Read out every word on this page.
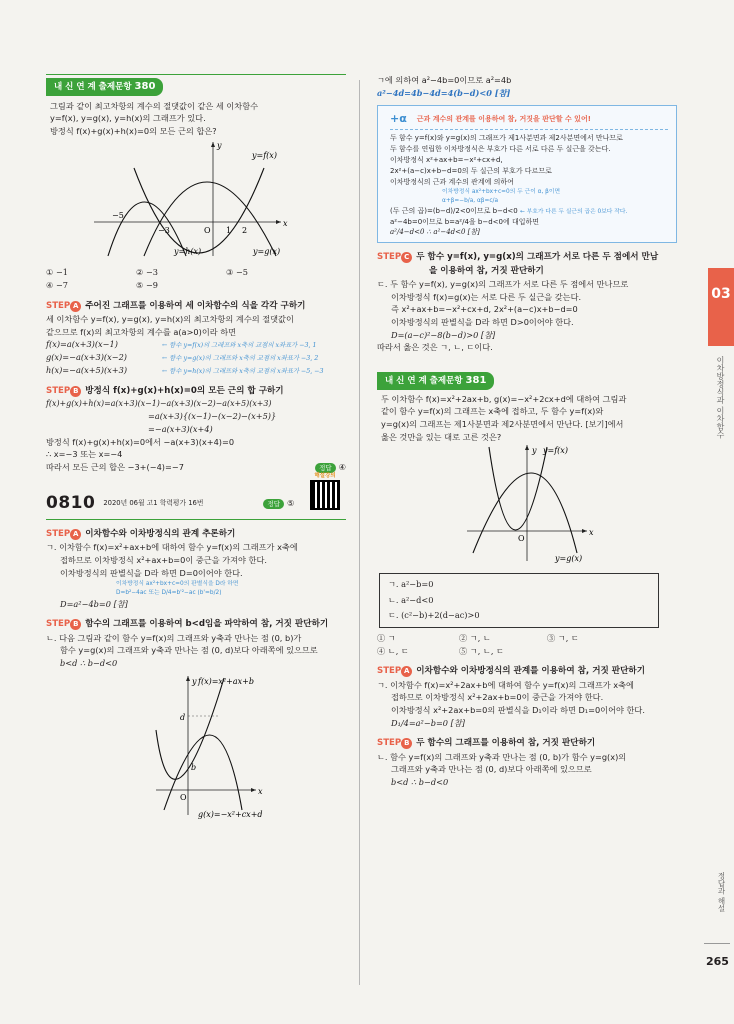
내 신 연 계 출제문항 380
그림과 같이 최고차항의 계수의 절댓값이 같은 세 이차함수
y=f(x), y=g(x), y=h(x)의 그래프가 있다.
방정식 f(x)+g(x)+h(x)=0의 모든 근의 합은?
y
x
O
−5
−3	1 2
y=f(x)
y=g(x)
y=h(x)
① −1	② −3	③ −5
④ −7	⑤ −9
STEP A 주어진 그래프를 이용하여 세 이차함수의 식을 각각 구하기
세 이차함수 y=f(x), y=g(x), y=h(x)의 최고차항의 계수의 절댓값이
같으므로 f(x)의 최고차항의 계수를 a(a>0)이라 하면
f(x)=a(x+3)(x−1)	← 함수 y=f(x)의 그래프와 x축의 교점의 x좌표가 −3, 1
g(x)=−a(x+3)(x−2)	← 함수 y=g(x)의 그래프와 x축의 교점의 x좌표가 −3, 2
h(x)=−a(x+5)(x+3)	← 함수 y=h(x)의 그래프와 x축의 교점의 x좌표가 −5, −3
STEP B 방정식 f(x)+g(x)+h(x)=0의 모든 근의 합 구하기
f(x)+g(x)+h(x)=a(x+3)(x−1)−a(x+3)(x−2)−a(x+5)(x+3)
=a(x+3){(x−1)−(x−2)−(x+5)}
=−a(x+3)(x+4)
방정식 f(x)+g(x)+h(x)=0에서 −a(x+3)(x+4)=0
∴ x=−3 또는 x=−4
따라서 모든 근의 합은 −3+(−4)=−7	정답 ④
0810 2020년 06월 고1 학력평가 16번	정답 ⑤
해설강의
STEP A 이차함수와 이차방정식의 관계 추론하기
ㄱ. 이차함수 f(x)=x²+ax+b에 대하여 함수 y=f(x)의 그래프가 x축에
접하므로 이차방정식 x²+ax+b=0이 중근을 가져야 한다.
이차방정식의 판별식을 D라 하면 D=0이어야 한다.
이차방정식 ax²+bx+c=0의 판별식을 D라 하면
D=b²−4ac 또는 D/4=b'²−ac (b'=b/2)
D=a²−4b=0 [참]
STEP B 함수의 그래프를 이용하여 b<d임을 파악하여 참, 거짓 판단하기
ㄴ. 다음 그림과 같이 함수 y=f(x)의 그래프와 y축과 만나는 점 (0, b)가
함수 y=g(x)의 그래프와 y축과 만나는 점 (0, d)보다 아래쪽에 있으므로
b<d ∴ b−d<0
y
x
O
d
b
f(x)=x²+ax+b
g(x)=−x²+cx+d
ㄱ에 의하여 a²−4b=0이므로 a²=4b
a²−4d=4b−4d=4(b−d)<0 [참]
+α 근과 계수의 관계를 이용하여 참, 거짓을 판단할 수 있어!
두 함수 y=f(x)와 y=g(x)의 그래프가 제1사분면과 제2사분면에서 만나므로
두 함수를 연립한 이차방정식은 부호가 다른 서로 다른 두 실근을 갖는다.
이차방정식 x²+ax+b=−x²+cx+d,
2x²+(a−c)x+b−d=0의 두 실근의 부호가 다르므로
이차방정식의 근과 계수의 관계에 의하여
이차방정식 ax²+bx+c=0의 두 근이 α, β이면
α+β=−b/a, αβ=c/a
(두 근의 곱)=(b−d)/2<0이므로 b−d<0 ← 부호가 다른 두 실근의 곱은 0보다 작다.
a²−4b=0이므로 b=a²/4을 b−d<0에 대입하면
a²/4−d<0 ∴ a²−4d<0 [참]
STEP C 두 함수 y=f(x), y=g(x)의 그래프가 서로 다른 두 점에서 만남
을 이용하여 참, 거짓 판단하기
ㄷ. 두 함수 y=f(x), y=g(x)의 그래프가 서로 다른 두 점에서 만나므로
이차방정식 f(x)=g(x)는 서로 다른 두 실근을 갖는다.
즉 x²+ax+b=−x²+cx+d, 2x²+(a−c)x+b−d=0
이차방정식의 판별식을 D라 하면 D>0이어야 한다.
D=(a−c)²−8(b−d)>0 [참]
따라서 옳은 것은 ㄱ, ㄴ, ㄷ이다.
내 신 연 계 출제문항 381
두 이차함수 f(x)=x²+2ax+b, g(x)=−x²+2cx+d에 대하여 그림과
같이 함수 y=f(x)의 그래프는 x축에 접하고, 두 함수 y=f(x)와
y=g(x)의 그래프는 제1사분면과 제2사분면에서 만난다. [보기]에서
옳은 것만을 있는 대로 고른 것은?
y
x
O
y=f(x)
y=g(x)
ㄱ. a²−b=0
ㄴ. a²−d<0
ㄷ. (c²−b)+2(d−ac)>0
① ㄱ	② ㄱ, ㄴ	③ ㄱ, ㄷ
④ ㄴ, ㄷ	⑤ ㄱ, ㄴ, ㄷ
STEP A 이차함수와 이차방정식의 관계를 이용하여 참, 거짓 판단하기
ㄱ. 이차함수 f(x)=x²+2ax+b에 대하여 함수 y=f(x)의 그래프가 x축에
접하므로 이차방정식 x²+2ax+b=0이 중근을 가져야 한다.
이차방정식 x²+2ax+b=0의 판별식을 D₁이라 하면 D₁=0이어야 한다.
D₁/4=a²−b=0 [참]
STEP B 두 함수의 그래프를 이용하여 참, 거짓 판단하기
ㄴ. 함수 y=f(x)의 그래프와 y축과 만나는 점 (0, b)가 함수 y=g(x)의
그래프와 y축과 만나는 점 (0, d)보다 아래쪽에 있으므로
b<d ∴ b−d<0
03
이차방정식과 이차함수
정답과 해설
265
